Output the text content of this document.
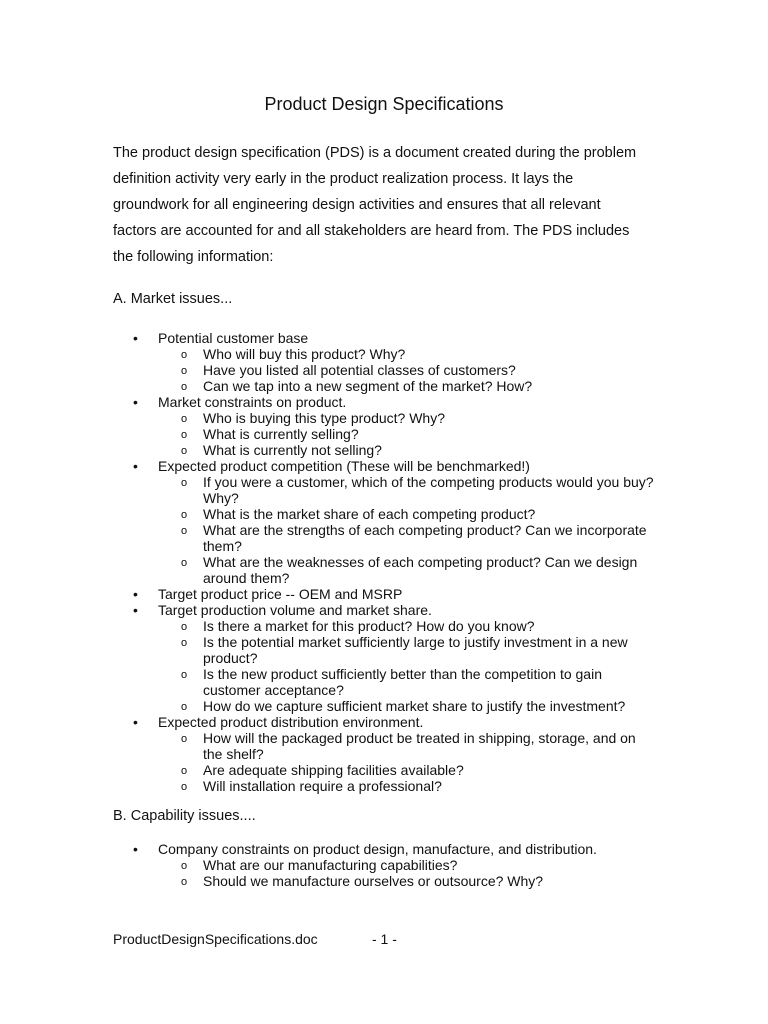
Product Design Specifications

The product design specification (PDS) is a document created during the problem definition activity very early in the product realization process. It lays the groundwork for all engineering design activities and ensures that all relevant factors are accounted for and all stakeholders are heard from. The PDS includes the following information:

A. Market issues...
• Potential customer base
o Who will buy this product? Why?
o Have you listed all potential classes of customers?
o Can we tap into a new segment of the market? How?
• Market constraints on product.
o Who is buying this type product? Why?
o What is currently selling?
o What is currently not selling?
• Expected product competition (These will be benchmarked!)
o If you were a customer, which of the competing products would you buy? Why?
o What is the market share of each competing product?
o What are the strengths of each competing product? Can we incorporate them?
o What are the weaknesses of each competing product? Can we design around them?
• Target product price -- OEM and MSRP
• Target production volume and market share.
o Is there a market for this product? How do you know?
o Is the potential market sufficiently large to justify investment in a new product?
o Is the new product sufficiently better than the competition to gain customer acceptance?
o How do we capture sufficient market share to justify the investment?
• Expected product distribution environment.
o How will the packaged product be treated in shipping, storage, and on the shelf?
o Are adequate shipping facilities available?
o Will installation require a professional?
B. Capability issues....
• Company constraints on product design, manufacture, and distribution.
o What are our manufacturing capabilities?
o Should we manufacture ourselves or outsource? Why?
ProductDesignSpecifications.doc	- 1 -
